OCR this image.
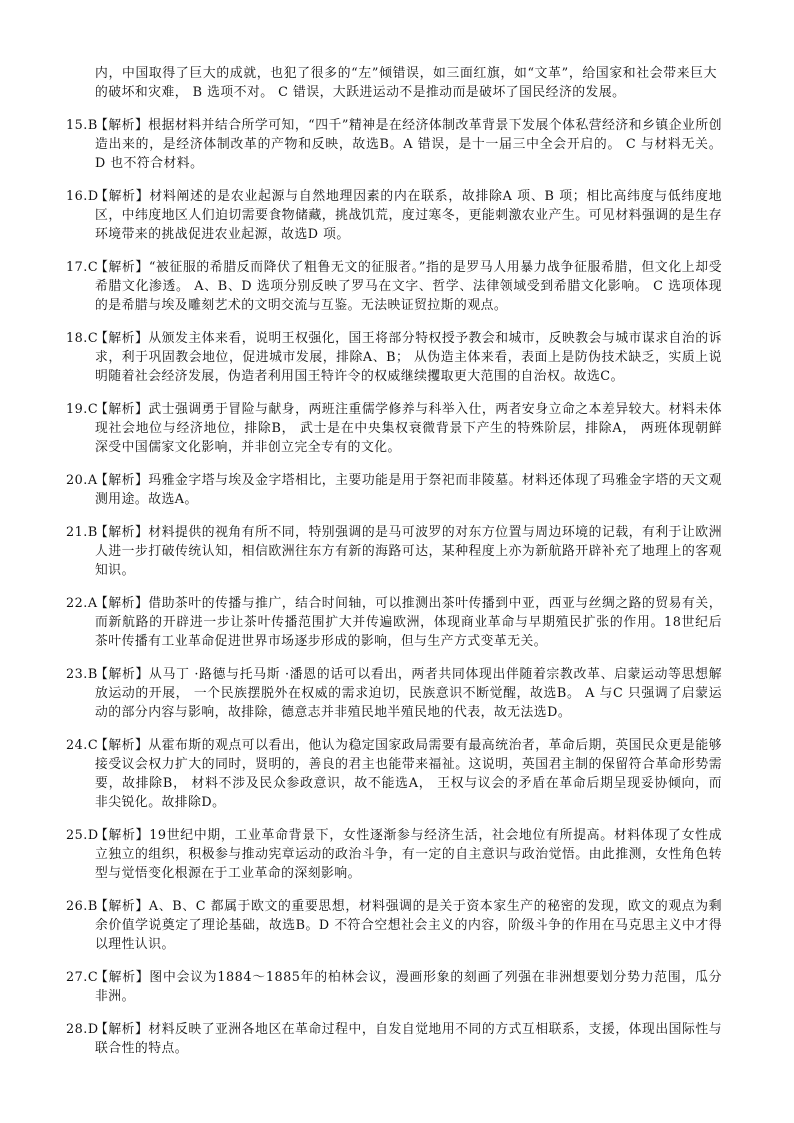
内，中国取得了巨大的成就，也犯了很多的“左”倾错误，如三面红旗，如“文革”，给国家和社会带来巨大的破坏和灾难， B 选项不对。 C 错误，大跃进运动不是推动而是破坏了国民经济的发展。
15.B
【解析】根据材料并结合所学可知，“四千”精神是在经济体制改革背景下发展个体私营经济和乡镇企业所创造出来的，是经济体制改革的产物和反映，故选B。A 错误，是十一届三中全会开启的。 C 与材料无关。 D 也不符合材料。
16.D
【解析】材料阐述的是农业起源与自然地理因素的内在联系，故排除A 项、B 项；相比高纬度与低纬度地区，中纬度地区人们迫切需要食物储藏，挑战饥荒，度过寒冬，更能刺激农业产生。可见材料强调的是生存环境带来的挑战促进农业起源，故选D 项。
17.C
【解析】“被征服的希腊反而降伏了粗鲁无文的征服者。”指的是罗马人用暴力战争征服希腊，但文化上却受希腊文化渗透。 A、B、D 选项分别反映了罗马在文字、哲学、法律领域受到希腊文化影响。 C 选项体现的是希腊与埃及雕刻艺术的文明交流与互鉴。无法映证贸拉斯的观点。
18.C
【解析】从颁发主体来看，说明王权强化，国王将部分特权授予教会和城市，反映教会与城市谋求自治的诉求，利于巩固教会地位，促进城市发展，排除A、B； 从伪造主体来看，表面上是防伪技术缺乏，实质上说明随着社会经济发展，伪造者利用国王特许令的权威继续攫取更大范围的自治权。故选C。
19.C
【解析】武士强调勇于冒险与献身，两班注重儒学修养与科举入仕，两者安身立命之本差异较大。材料未体现社会地位与经济地位，排除B， 武士是在中央集权衰微背景下产生的特殊阶层，排除A， 两班体现朝鲜深受中国儒家文化影响，并非创立完全专有的文化。
20.A
【解析】玛雅金字塔与埃及金字塔相比，主要功能是用于祭祀而非陵墓。材料还体现了玛雅金字塔的天文观测用途。故选A。
21.B
【解析】材料提供的视角有所不同，特别强调的是马可波罗的对东方位置与周边环境的记载，有利于让欧洲人进一步打破传统认知，相信欧洲往东方有新的海路可达，某种程度上亦为新航路开辟补充了地理上的客观知识。
22.A
【解析】借助茶叶的传播与推广，结合时间轴，可以推测出茶叶传播到中亚，西亚与丝绸之路的贸易有关，而新航路的开辟进一步让茶叶传播范围扩大并传遍欧洲，体现商业革命与早期殖民扩张的作用。18世纪后茶叶传播有工业革命促进世界市场逐步形成的影响，但与生产方式变革无关。
23.B
【解析】从马丁 ·路德与托马斯 ·潘恩的话可以看出，两者共同体现出伴随着宗教改革、启蒙运动等思想解放运动的开展， 一个民族摆脱外在权威的需求迫切，民族意识不断觉醒，故选B。 A 与C 只强调了启蒙运动的部分内容与影响，故排除，德意志并非殖民地半殖民地的代表，故无法选D。
24.C
【解析】从霍布斯的观点可以看出，他认为稳定国家政局需要有最高统治者，革命后期，英国民众更是能够接受议会权力扩大的同时，贤明的，善良的君主也能带来福祉。这说明，英国君主制的保留符合革命形势需要，故排除B， 材料不涉及民众参政意识，故不能选A， 王权与议会的矛盾在革命后期呈现妥协倾向，而非尖锐化。故排除D。
25.D
【解析】19世纪中期，工业革命背景下，女性逐渐参与经济生活，社会地位有所提高。材料体现了女性成立独立的组织，积极参与推动宪章运动的政治斗争，有一定的自主意识与政治觉悟。由此推测，女性角色转型与觉悟变化根源在于工业革命的深刻影响。
26.B
【解析】A、B、C 都属于欧文的重要思想，材料强调的是关于资本家生产的秘密的发现，欧文的观点为剩余价值学说奠定了理论基础，故选B。D 不符合空想社会主义的内容，阶级斗争的作用在马克思主义中才得以理性认识。
27.C
【解析】图中会议为1884～1885年的柏林会议，漫画形象的刻画了列强在非洲想要划分势力范围，瓜分非洲。
28.D
【解析】材料反映了亚洲各地区在革命过程中，自发自觉地用不同的方式互相联系，支援，体现出国际性与联合性的特点。
